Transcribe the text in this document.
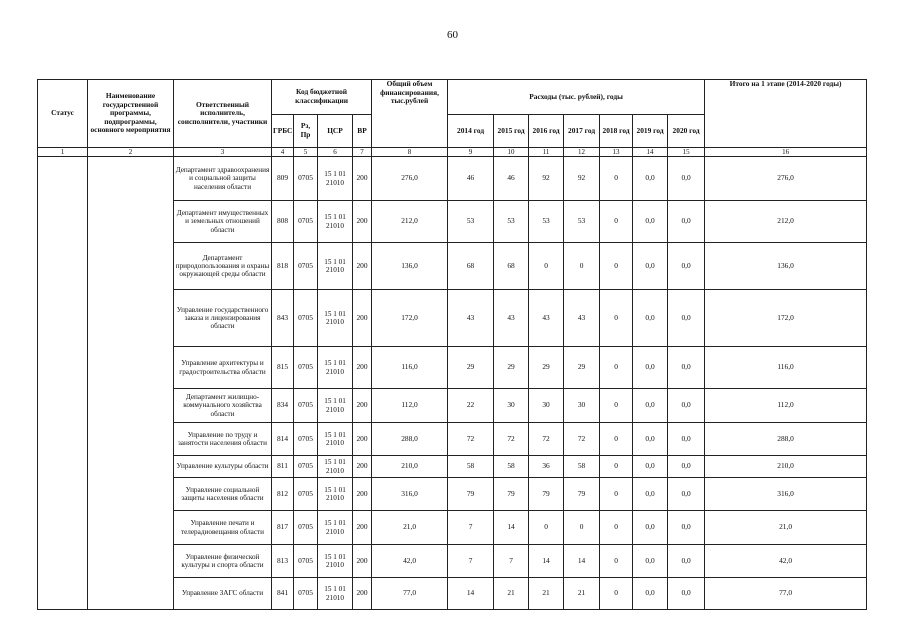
60
Статус	Наименование государственной программы, подпрограммы, основного мероприятия	Ответственный исполнитель, соисполнители, участники	Код бюджетной классификации				Общий объем финансирования, тыс.рублей	Расходы (тыс. рублей), годы							Итого на 1 этапе (2014-2020 годы)
			ГРБС	Рз, Пр	ЦСР	ВР		2014 год	2015 год	2016 год	2017 год	2018 год	2019 год	2020 год	
1	2	3	4	5	6	7	8	9	10	11	12	13	14	15	16
		Департамент здравоохранения и социальной защиты населения области	809	0705	15 1 01 21010	200	276,0	46	46	92	92	0	0,0	0,0	276,0
		Департамент имущественных и земельных отношений области	808	0705	15 1 01 21010	200	212,0	53	53	53	53	0	0,0	0,0	212,0
		Департамент природопользования и охраны окружающей среды области	818	0705	15 1 01 21010	200	136,0	68	68	0	0	0	0,0	0,0	136,0
		Управление государственного заказа и лицензирования области	843	0705	15 1 01 21010	200	172,0	43	43	43	43	0	0,0	0,0	172,0
		Управление архитектуры и градостроительства области	815	0705	15 1 01 21010	200	116,0	29	29	29	29	0	0,0	0,0	116,0
		Департамент жилищно-коммунального хозяйства области	834	0705	15 1 01 21010	200	112,0	22	30	30	30	0	0,0	0,0	112,0
		Управление по труду и занятости населения области	814	0705	15 1 01 21010	200	288,0	72	72	72	72	0	0,0	0,0	288,0
		Управление культуры области	811	0705	15 1 01 21010	200	210,0	58	58	36	58	0	0,0	0,0	210,0
		Управление социальной защиты населения области	812	0705	15 1 01 21010	200	316,0	79	79	79	79	0	0,0	0,0	316,0
		Управление печати и телерадиовещания области	817	0705	15 1 01 21010	200	21,0	7	14	0	0	0	0,0	0,0	21,0
		Управление физической культуры и спорта области	813	0705	15 1 01 21010	200	42,0	7	7	14	14	0	0,0	0,0	42,0
		Управление ЗАГС области	841	0705	15 1 01 21010	200	77,0	14	21	21	21	0	0,0	0,0	77,0
